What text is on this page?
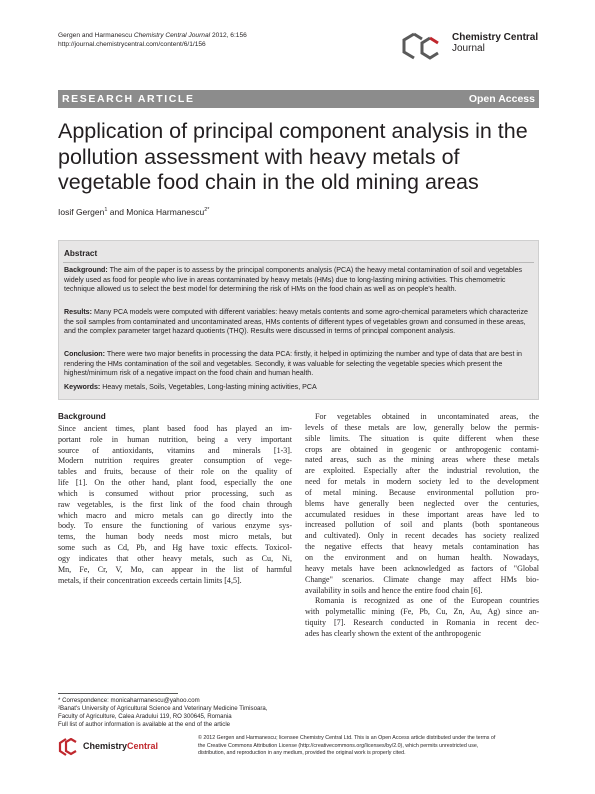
Gergen and Harmanescu Chemistry Central Journal 2012, 6:156
http://journal.chemistrycentral.com/content/6/1/156
Chemistry Central
Journal
RESEARCH ARTICLE	Open Access
Application of principal component analysis in the pollution assessment with heavy metals of vegetable food chain in the old mining areas
Iosif Gergen$^1$ and Monica Harmanescu$^{2*}$
Abstract

Background: The aim of the paper is to assess by the principal components analysis (PCA) the heavy metal contamination of soil and vegetables widely used as food for people who live in areas contaminated by heavy metals (HMs) due to long-lasting mining activities. This chemometric technique allowed us to select the best model for determining the risk of HMs on the food chain as well as on people's health.

Results: Many PCA models were computed with different variables: heavy metals contents and some agro-chemical parameters which characterize the soil samples from contaminated and uncontaminated areas, HMs contents of different types of vegetables grown and consumed in these areas, and the complex parameter target hazard quotients (THQ). Results were discussed in terms of principal component analysis.

Conclusion: There were two major benefits in processing the data PCA: firstly, it helped in optimizing the number and type of data that are best in rendering the HMs contamination of the soil and vegetables. Secondly, it was valuable for selecting the vegetable species which present the highest/minimum risk of a negative impact on the food chain and human health.

Keywords: Heavy metals, Soils, Vegetables, Long-lasting mining activities, PCA

Background
Since ancient times, plant based food has played an im-
portant role in human nutrition, being a very important
source of antioxidants, vitamins and minerals [1-3].
Modern nutrition requires greater consumption of vege-
tables and fruits, because of their role on the quality of
life [1]. On the other hand, plant food, especially the one
which is consumed without prior processing, such as
raw vegetables, is the first link of the food chain through
which macro and micro metals can go directly into the
body. To ensure the functioning of various enzyme sys-
tems, the human body needs most micro metals, but
some such as Cd, Pb, and Hg have toxic effects. Toxicol-
ogy indicates that other heavy metals, such as Cu, Ni,
Mn, Fe, Cr, V, Mo, can appear in the list of harmful
metals, if their concentration exceeds certain limits [4,5].
For vegetables obtained in uncontaminated areas, the
levels of these metals are low, generally below the permis-
sible limits. The situation is quite different when these
crops are obtained in geogenic or anthropogenic contami-
nated areas, such as the mining areas where these metals
are exploited. Especially after the industrial revolution, the
need for metals in modern society led to the development
of metal mining. Because environmental pollution pro-
blems have generally been neglected over the centuries,
accumulated residues in these important areas have led to
increased pollution of soil and plants (both spontaneous
and cultivated). Only in recent decades has society realized
the negative effects that heavy metals contamination has
on the environment and on human health. Nowadays,
heavy metals have been acknowledged as factors of "Global
Change" scenarios. Climate change may affect HMs bio-
availability in soils and hence the entire food chain [6].
Romania is recognized as one of the European countries
with polymetallic mining (Fe, Pb, Cu, Zn, Au, Ag) since an-
tiquity [7]. Research conducted in Romania in recent dec-
ades has clearly shown the extent of the anthropogenic
* Correspondence: monicaharmanescu@yahoo.com
²Banat's University of Agricultural Science and Veterinary Medicine Timisoara,
Faculty of Agriculture, Calea Aradului 119, RO 300645, Romania
Full list of author information is available at the end of the article
ChemistryCentral
© 2012 Gergen and Harmanescu; licensee Chemistry Central Ltd. This is an Open Access article distributed under the terms of
the Creative Commons Attribution License (http://creativecommons.org/licenses/by/2.0), which permits unrestricted use,
distribution, and reproduction in any medium, provided the original work is properly cited.
